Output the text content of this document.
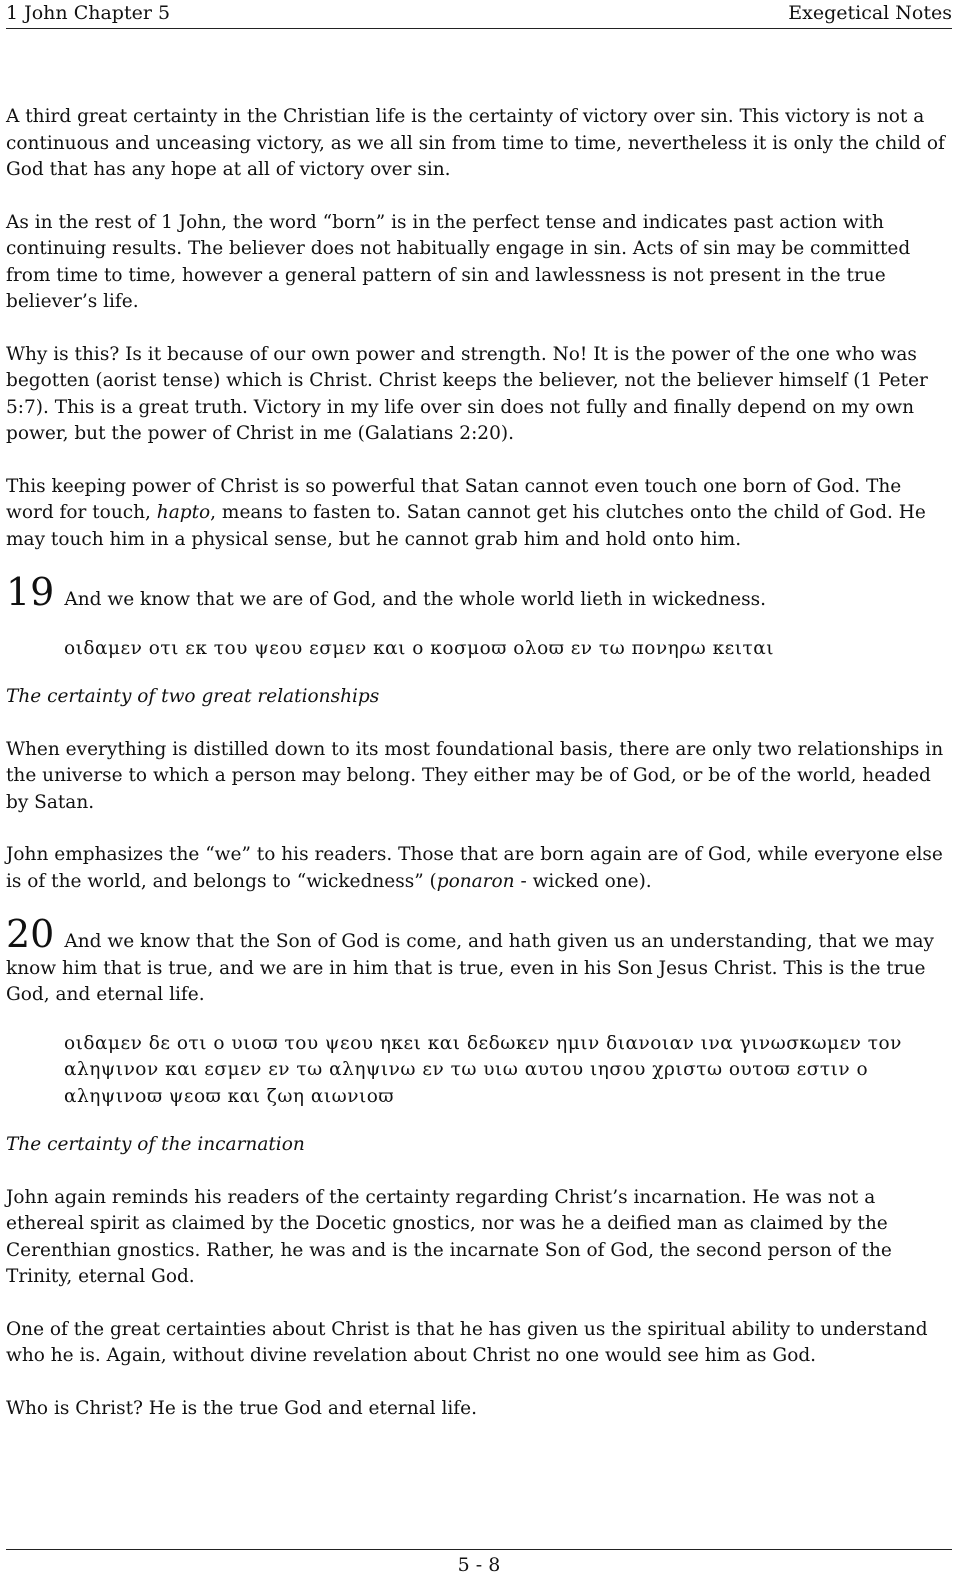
1 John Chapter 5	Exegetical Notes

A third great certainty in the Christian life is the certainty of victory over sin. This victory is not a continuous and unceasing victory, as we all sin from time to time, nevertheless it is only the child of God that has any hope at all of victory over sin.

As in the rest of 1 John, the word “born” is in the perfect tense and indicates past action with continuing results. The believer does not habitually engage in sin. Acts of sin may be committed from time to time, however a general pattern of sin and lawlessness is not present in the true believer’s life.

Why is this? Is it because of our own power and strength. No! It is the power of the one who was begotten (aorist tense) which is Christ. Christ keeps the believer, not the believer himself (1 Peter 5:7). This is a great truth. Victory in my life over sin does not fully and finally depend on my own power, but the power of Christ in me (Galatians 2:20).

This keeping power of Christ is so powerful that Satan cannot even touch one born of God. The word for touch, hapto, means to fasten to. Satan cannot get his clutches onto the child of God. He may touch him in a physical sense, but he cannot grab him and hold onto him.

19 And we know that we are of God, and the whole world lieth in wickedness.
οιδαμεν οτι εκ του ψεου εσμεν και ο κοσμοϖ ολοϖ εν τω πονηρω κειται
The certainty of two great relationships

When everything is distilled down to its most foundational basis, there are only two relationships in the universe to which a person may belong. They either may be of God, or be of the world, headed by Satan.

John emphasizes the “we” to his readers. Those that are born again are of God, while everyone else is of the world, and belongs to “wickedness” (ponaron - wicked one).

20 And we know that the Son of God is come, and hath given us an understanding, that we may know him that is true, and we are in him that is true, even in his Son Jesus Christ. This is the true God, and eternal life.
οιδαμεν δε οτι ο υιοϖ του ψεου ηκει και δεδωκεν ημιν διανοιαν ινα γινωσκωμεν τον αληψινον και εσμεν εν τω αληψινω εν τω υιω αυτου ιησου χριστω ουτοϖ εστιν ο αληψινοϖ ψεοϖ και ζωη αιωνιοϖ
The certainty of the incarnation

John again reminds his readers of the certainty regarding Christ’s incarnation. He was not a ethereal spirit as claimed by the Docetic gnostics, nor was he a deified man as claimed by the Cerenthian gnostics. Rather, he was and is the incarnate Son of God, the second person of the Trinity, eternal God.

One of the great certainties about Christ is that he has given us the spiritual ability to understand who he is. Again, without divine revelation about Christ no one would see him as God.

Who is Christ? He is the true God and eternal life.

5 - 8
